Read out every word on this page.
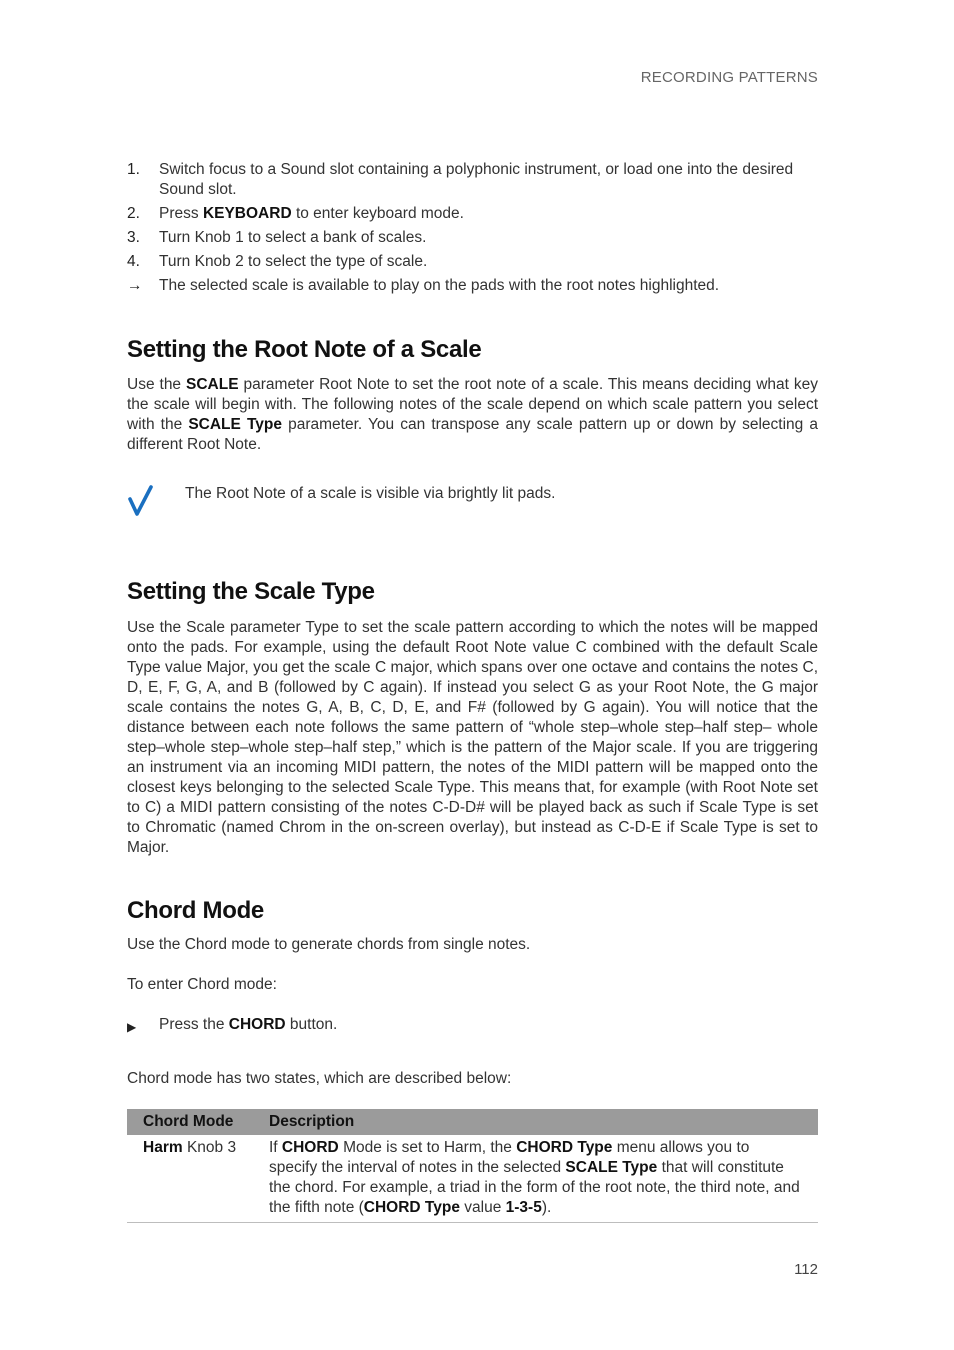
RECORDING PATTERNS
1.	Switch focus to a Sound slot containing a polyphonic instrument, or load one into the desired Sound slot.
2.	Press KEYBOARD to enter keyboard mode.
3.	Turn Knob 1 to select a bank of scales.
4.	Turn Knob 2 to select the type of scale.
→	The selected scale is available to play on the pads with the root notes highlighted.
Setting the Root Note of a Scale

Use the SCALE parameter Root Note to set the root note of a scale. This means deciding what key the scale will begin with. The following notes of the scale depend on which scale pattern you select with the SCALE Type parameter. You can transpose any scale pattern up or down by selecting a different Root Note.

The Root Note of a scale is visible via brightly lit pads.
Setting the Scale Type

Use the Scale parameter Type to set the scale pattern according to which the notes will be mapped onto the pads. For example, using the default Root Note value C combined with the default Scale Type value Major, you get the scale C major, which spans over one octave and contains the notes C, D, E, F, G, A, and B (followed by C again). If instead you select G as your Root Note, the G major scale contains the notes G, A, B, C, D, E, and F# (followed by G again). You will notice that the distance between each note follows the same pattern of “whole step–whole step–half step– whole step–whole step–whole step–half step,” which is the pattern of the Major scale. If you are triggering an instrument via an incoming MIDI pattern, the notes of the MIDI pattern will be mapped onto the closest keys belonging to the selected Scale Type. This means that, for example (with Root Note set to C) a MIDI pattern consisting of the notes C-D-D# will be played back as such if Scale Type is set to Chromatic (named Chrom in the on-screen overlay), but instead as C-D-E if Scale Type is set to Major.

Chord Mode

Use the Chord mode to generate chords from single notes.

To enter Chord mode:

▶	Press the CHORD button.

Chord mode has two states, which are described below:

Chord Mode	Description
Harm Knob 3	If CHORD Mode is set to Harm, the CHORD Type menu allows you to specify the interval of notes in the selected SCALE Type that will constitute the chord. For example, a triad in the form of the root note, the third note, and the fifth note (CHORD Type value 1-3-5).
112
